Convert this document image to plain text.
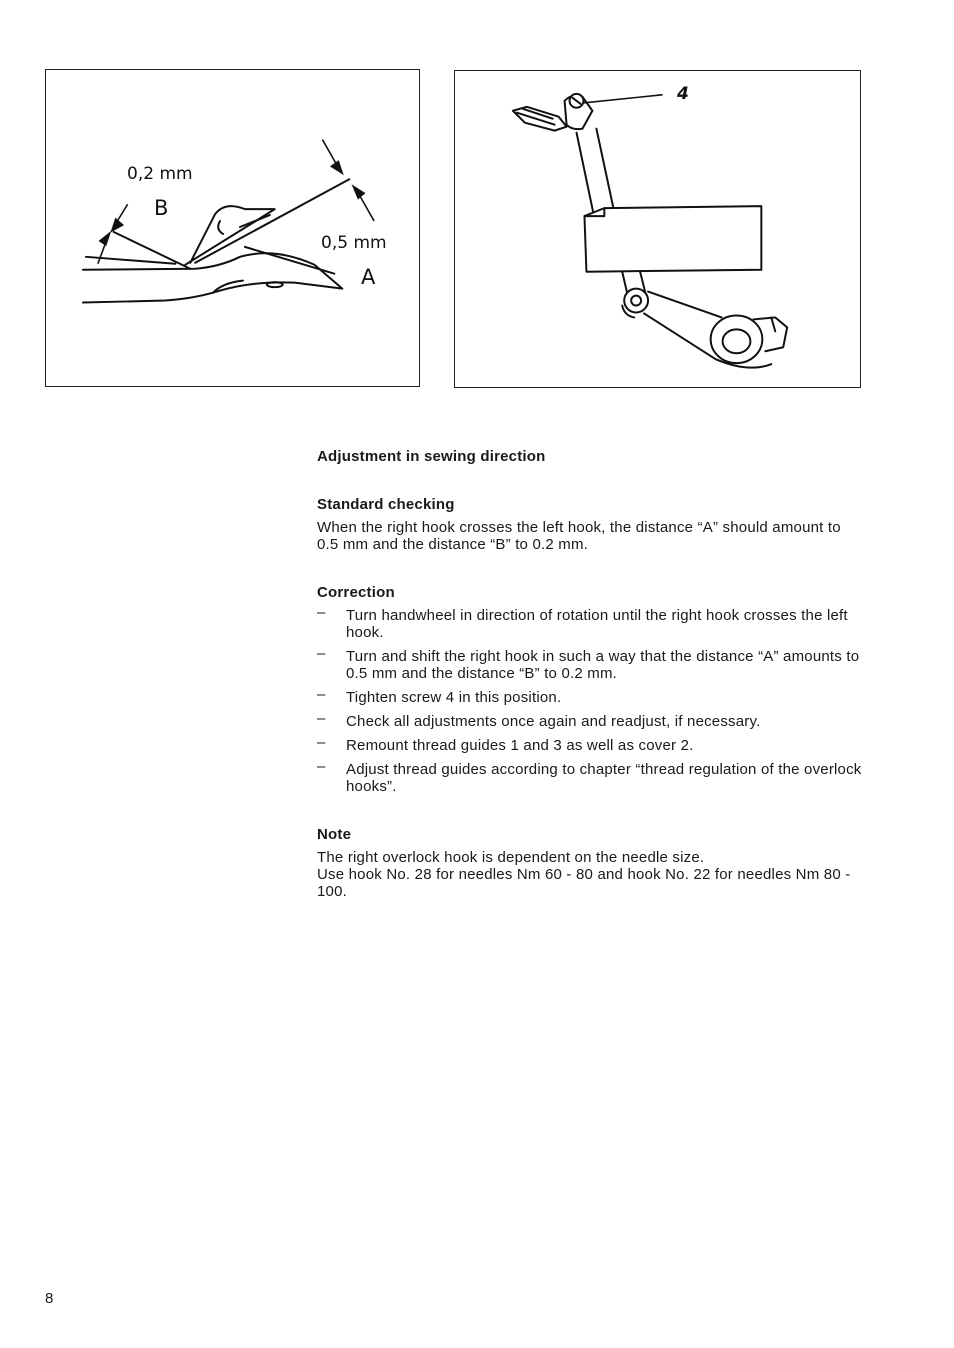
0,2 mm
B
0,5 mm
A
4

Adjustment in sewing direction

Standard checking

When the right hook crosses the left hook, the distance “A” should amount to 0.5 mm and the distance “B” to 0.2 mm.

Correction

– Turn handwheel in direction of rotation until the right hook crosses the left hook.
– Turn and shift the right hook in such a way that the distance “A” amounts to 0.5 mm and the distance “B” to 0.2 mm.
– Tighten screw 4 in this position.
– Check all adjustments once again and readjust, if necessary.
– Remount thread guides 1 and 3 as well as cover 2.
– Adjust thread guides according to chapter “thread regulation of the overlock hooks”.

Note

The right overlock hook is dependent on the needle size.

Use hook No. 28 for needles Nm 60 - 80 and hook No. 22 for needles Nm 80 - 100.

8
